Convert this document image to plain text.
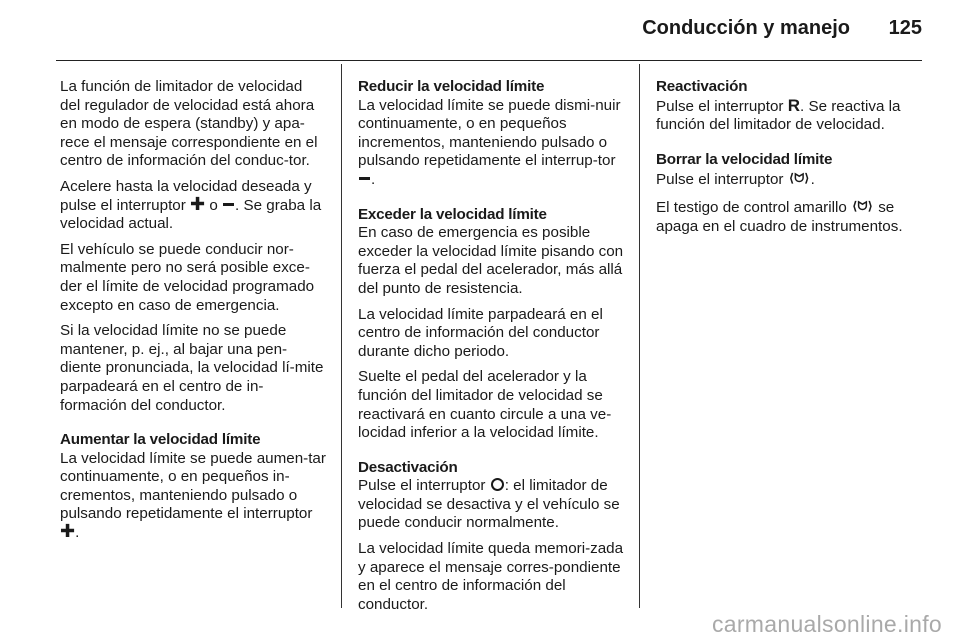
Conducción y manejo 125

La función de limitador de velocidad del regulador de velocidad está ahora en modo de espera (standby) y apa-rece el mensaje correspondiente en el centro de información del conduc-tor.

Acelere hasta la velocidad deseada y pulse el interruptor ✚ o . Se graba la velocidad actual.

El vehículo se puede conducir nor-malmente pero no será posible exce-der el límite de velocidad programado excepto en caso de emergencia.

Si la velocidad límite no se puede mantener, p. ej., al bajar una pen-diente pronunciada, la velocidad lí-mite parpadeará en el centro de in-formación del conductor.

Aumentar la velocidad límite

La velocidad límite se puede aumen-tar continuamente, o en pequeños in-crementos, manteniendo pulsado o pulsando repetidamente el interruptor
✚.

Reducir la velocidad límite

La velocidad límite se puede dismi-nuir continuamente, o en pequeños incrementos, manteniendo pulsado o pulsando repetidamente el interrup-tor .

Exceder la velocidad límite

En caso de emergencia es posible exceder la velocidad límite pisando con fuerza el pedal del acelerador, más allá del punto de resistencia.

La velocidad límite parpadeará en el centro de información del conductor durante dicho periodo.

Suelte el pedal del acelerador y la función del limitador de velocidad se reactivará en cuanto circule a una ve-locidad inferior a la velocidad límite.

Desactivación

Pulse el interruptor : el limitador de velocidad se desactiva y el vehículo se puede conducir normalmente.

La velocidad límite queda memori-zada y aparece el mensaje corres-pondiente en el centro de información del conductor.

Reactivación

Pulse el interruptor R. Se reactiva la función del limitador de velocidad.

Borrar la velocidad límite

Pulse el interruptor ⟨ᗢ⟩.

El testigo de control amarillo ⟨ᗢ⟩ se apaga en el cuadro de instrumentos.

carmanualsonline.info
